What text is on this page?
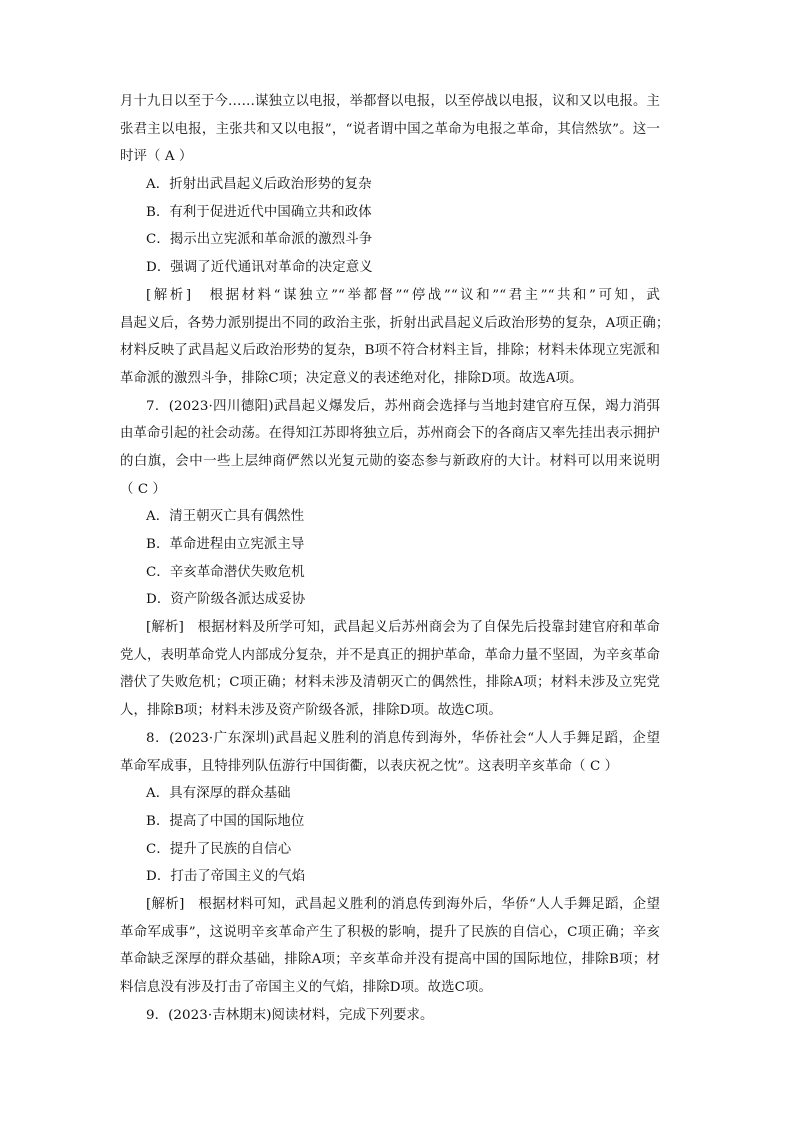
月十九日以至于今……谋独立以电报，举都督以电报，以至停战以电报，议和又以电报。主
张君主以电报，主张共和又以电报”，“说者谓中国之革命为电报之革命，其信然欤”。这一
时评（ A ）
A．折射出武昌起义后政治形势的复杂
B．有利于促进近代中国确立共和政体
C．揭示出立宪派和革命派的激烈斗争
D．强调了近代通讯对革命的决定意义
[解析]　根据材料“谋独立”“举都督”“停战”“议和”“君主”“共和”可知，武
昌起义后，各势力派别提出不同的政治主张，折射出武昌起义后政治形势的复杂，A项正确；
材料反映了武昌起义后政治形势的复杂，B项不符合材料主旨，排除；材料未体现立宪派和
革命派的激烈斗争，排除C项；决定意义的表述绝对化，排除D项。故选A项。
7．(2023·四川德阳)武昌起义爆发后，苏州商会选择与当地封建官府互保，竭力消弭
由革命引起的社会动荡。在得知江苏即将独立后，苏州商会下的各商店又率先挂出表示拥护
的白旗，会中一些上层绅商俨然以光复元勋的姿态参与新政府的大计。材料可以用来说明
（ C ）
A．清王朝灭亡具有偶然性
B．革命进程由立宪派主导
C．辛亥革命潜伏失败危机
D．资产阶级各派达成妥协
[解析]　根据材料及所学可知，武昌起义后苏州商会为了自保先后投靠封建官府和革命
党人，表明革命党人内部成分复杂，并不是真正的拥护革命，革命力量不坚固，为辛亥革命
潜伏了失败危机；C项正确；材料未涉及清朝灭亡的偶然性，排除A项；材料未涉及立宪党
人，排除B项；材料未涉及资产阶级各派，排除D项。故选C项。
8．(2023·广东深圳)武昌起义胜利的消息传到海外，华侨社会“人人手舞足蹈，企望
革命军成事，且特排列队伍游行中国街衢，以表庆祝之忱”。这表明辛亥革命（ C ）
A．具有深厚的群众基础
B．提高了中国的国际地位
C．提升了民族的自信心
D．打击了帝国主义的气焰
[解析]　根据材料可知，武昌起义胜利的消息传到海外后，华侨“人人手舞足蹈，企望
革命军成事”，这说明辛亥革命产生了积极的影响，提升了民族的自信心，C项正确；辛亥
革命缺乏深厚的群众基础，排除A项；辛亥革命并没有提高中国的国际地位，排除B项；材
料信息没有涉及打击了帝国主义的气焰，排除D项。故选C项。
9．(2023·吉林期末)阅读材料，完成下列要求。
